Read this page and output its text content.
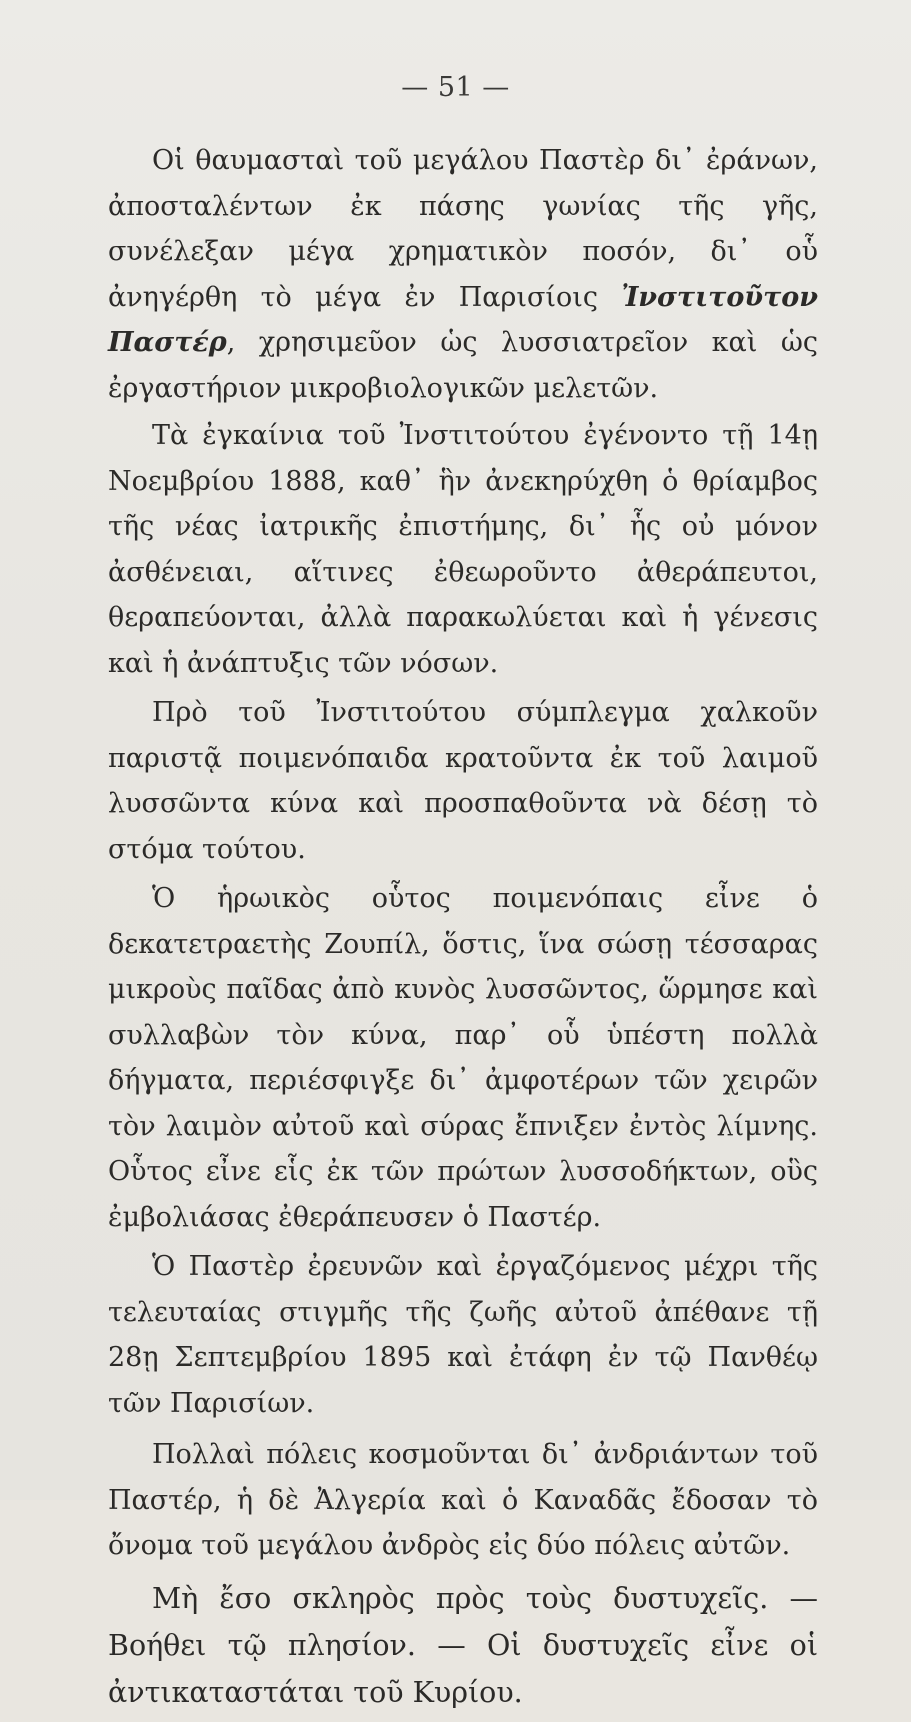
— 51 —

Οἱ θαυμασταὶ τοῦ μεγάλου Παστὲρ δι᾿ ἐράνων, ἀποσταλέντων ἐκ πάσης γωνίας τῆς γῆς, συνέλεξαν μέγα χρηματικὸν ποσόν, δι᾿ οὗ ἀνηγέρθη τὸ μέγα ἐν Παρισίοις Ἰνστιτοῦτον Παστέρ, χρησιμεῦον ὡς λυσσιατρεῖον καὶ ὡς ἐργαστήριον μικροβιολογικῶν μελετῶν.

Τὰ ἐγκαίνια τοῦ Ἰνστιτούτου ἐγένοντο τῇ 14ῃ Νοεμβρίου 1888, καθ᾿ ἣν ἀνεκηρύχθη ὁ θρίαμβος τῆς νέας ἰατρικῆς ἐπιστήμης, δι᾿ ἧς οὐ μόνον ἀσθένειαι, αἵτινες ἐθεωροῦντο ἀθεράπευτοι, θεραπεύονται, ἀλλὰ παρακωλύεται καὶ ἡ γένεσις καὶ ἡ ἀνάπτυξις τῶν νόσων.

Πρὸ τοῦ Ἰνστιτούτου σύμπλεγμα χαλκοῦν παριστᾷ ποιμενόπαιδα κρατοῦντα ἐκ τοῦ λαιμοῦ λυσσῶντα κύνα καὶ προσπαθοῦντα νὰ δέσῃ τὸ στόμα τούτου.

Ὁ ἡρωικὸς οὗτος ποιμενόπαις εἶνε ὁ δεκατετραετὴς Ζουπίλ, ὅστις, ἵνα σώσῃ τέσσαρας μικροὺς παῖδας ἀπὸ κυνὸς λυσσῶντος, ὥρμησε καὶ συλλαβὼν τὸν κύνα, παρ᾿ οὗ ὑπέστη πολλὰ δήγματα, περιέσφιγξε δι᾿ ἀμφοτέρων τῶν χειρῶν τὸν λαιμὸν αὐτοῦ καὶ σύρας ἔπνιξεν ἐντὸς λίμνης. Οὗτος εἶνε εἷς ἐκ τῶν πρώτων λυσσοδήκτων, οὓς ἐμβολιάσας ἐθεράπευσεν ὁ Παστέρ.

Ὁ Παστὲρ ἐρευνῶν καὶ ἐργαζόμενος μέχρι τῆς τελευταίας στιγμῆς τῆς ζωῆς αὐτοῦ ἀπέθανε τῇ 28ῃ Σεπτεμβρίου 1895 καὶ ἐτάφη ἐν τῷ Πανθέῳ τῶν Παρισίων.

Πολλαὶ πόλεις κοσμοῦνται δι᾿ ἀνδριάντων τοῦ Παστέρ, ἡ δὲ Ἀλγερία καὶ ὁ Καναδᾶς ἔδοσαν τὸ ὄνομα τοῦ μεγάλου ἀνδρὸς εἰς δύο πόλεις αὐτῶν.

Μὴ ἔσο σκληρὸς πρὸς τοὺς δυστυχεῖς. — Βοήθει τῷ πλησίον. — Οἱ δυστυχεῖς εἶνε οἱ ἀντικαταστάται τοῦ Κυρίου.
